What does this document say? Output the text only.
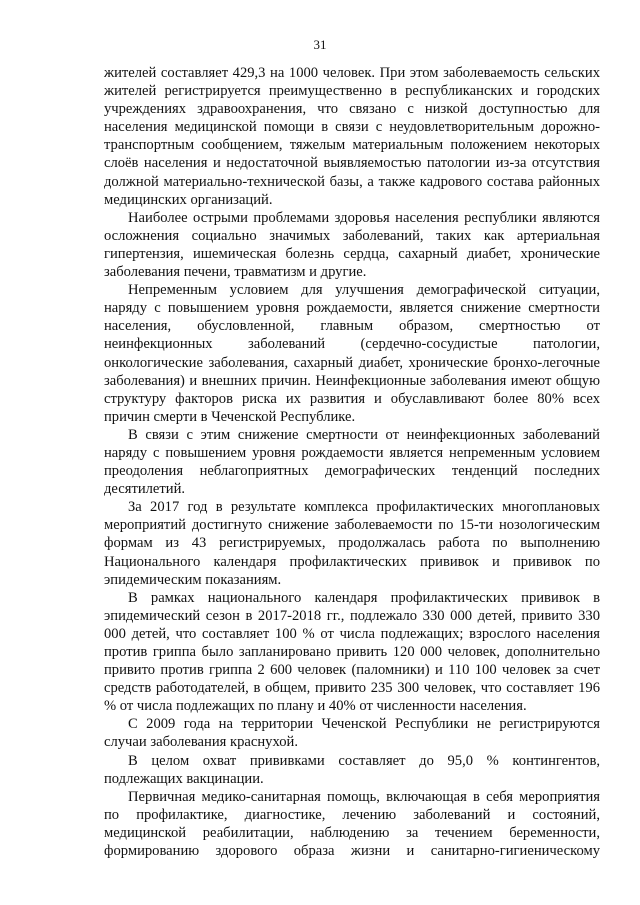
31
жителей составляет 429,3 на 1000 человек. При этом заболеваемость сельских
жителей регистрируется преимущественно в республиканских и городских
учреждениях здравоохранения, что связано с низкой доступностью для
населения медицинской помощи в связи с неудовлетворительным дорожно-
транспортным сообщением, тяжелым материальным положением некоторых
слоёв населения и недостаточной выявляемостью патологии из-за отсутствия
должной материально-технической базы, а также кадрового состава районных
медицинских организаций.
Наиболее острыми проблемами здоровья населения республики являются
осложнения социально значимых заболеваний, таких как артериальная
гипертензия, ишемическая болезнь сердца, сахарный диабет, хронические
заболевания печени, травматизм и другие.
Непременным условием для улучшения демографической ситуации,
наряду с повышением уровня рождаемости, является снижение смертности
населения, обусловленной, главным образом, смертностью от
неинфекционных заболеваний (сердечно-сосудистые патологии,
онкологические заболевания, сахарный диабет, хронические бронхо-легочные
заболевания) и внешних причин. Неинфекционные заболевания имеют общую
структуру факторов риска их развития и обуславливают более 80% всех
причин смерти в Чеченской Республике.
В связи с этим снижение смертности от неинфекционных заболеваний
наряду с повышением уровня рождаемости является непременным условием
преодоления неблагоприятных демографических тенденций последних
десятилетий.
За 2017 год в результате комплекса профилактических многоплановых
мероприятий достигнуто снижение заболеваемости по 15-ти нозологическим
формам из 43 регистрируемых, продолжалась работа по выполнению
Национального календаря профилактических прививок и прививок по
эпидемическим показаниям.
В рамках национального календаря профилактических прививок в
эпидемический сезон в 2017-2018 гг., подлежало 330 000 детей, привито 330
000 детей, что составляет 100 % от числа подлежащих; взрослого населения
против гриппа было запланировано привить 120 000 человек, дополнительно
привито против гриппа 2 600 человек (паломники) и 110 100 человек за счет
средств работодателей, в общем, привито 235 300 человек, что составляет 196
% от числа подлежащих по плану и 40% от численности населения.
С 2009 года на территории Чеченской Республики не регистрируются
случаи заболевания краснухой.
В целом охват прививками составляет до 95,0 % контингентов,
подлежащих вакцинации.
Первичная медико-санитарная помощь, включающая в себя мероприятия
по профилактике, диагностике, лечению заболеваний и состояний,
медицинской реабилитации, наблюдению за течением беременности,
формированию здорового образа жизни и санитарно-гигиеническому
